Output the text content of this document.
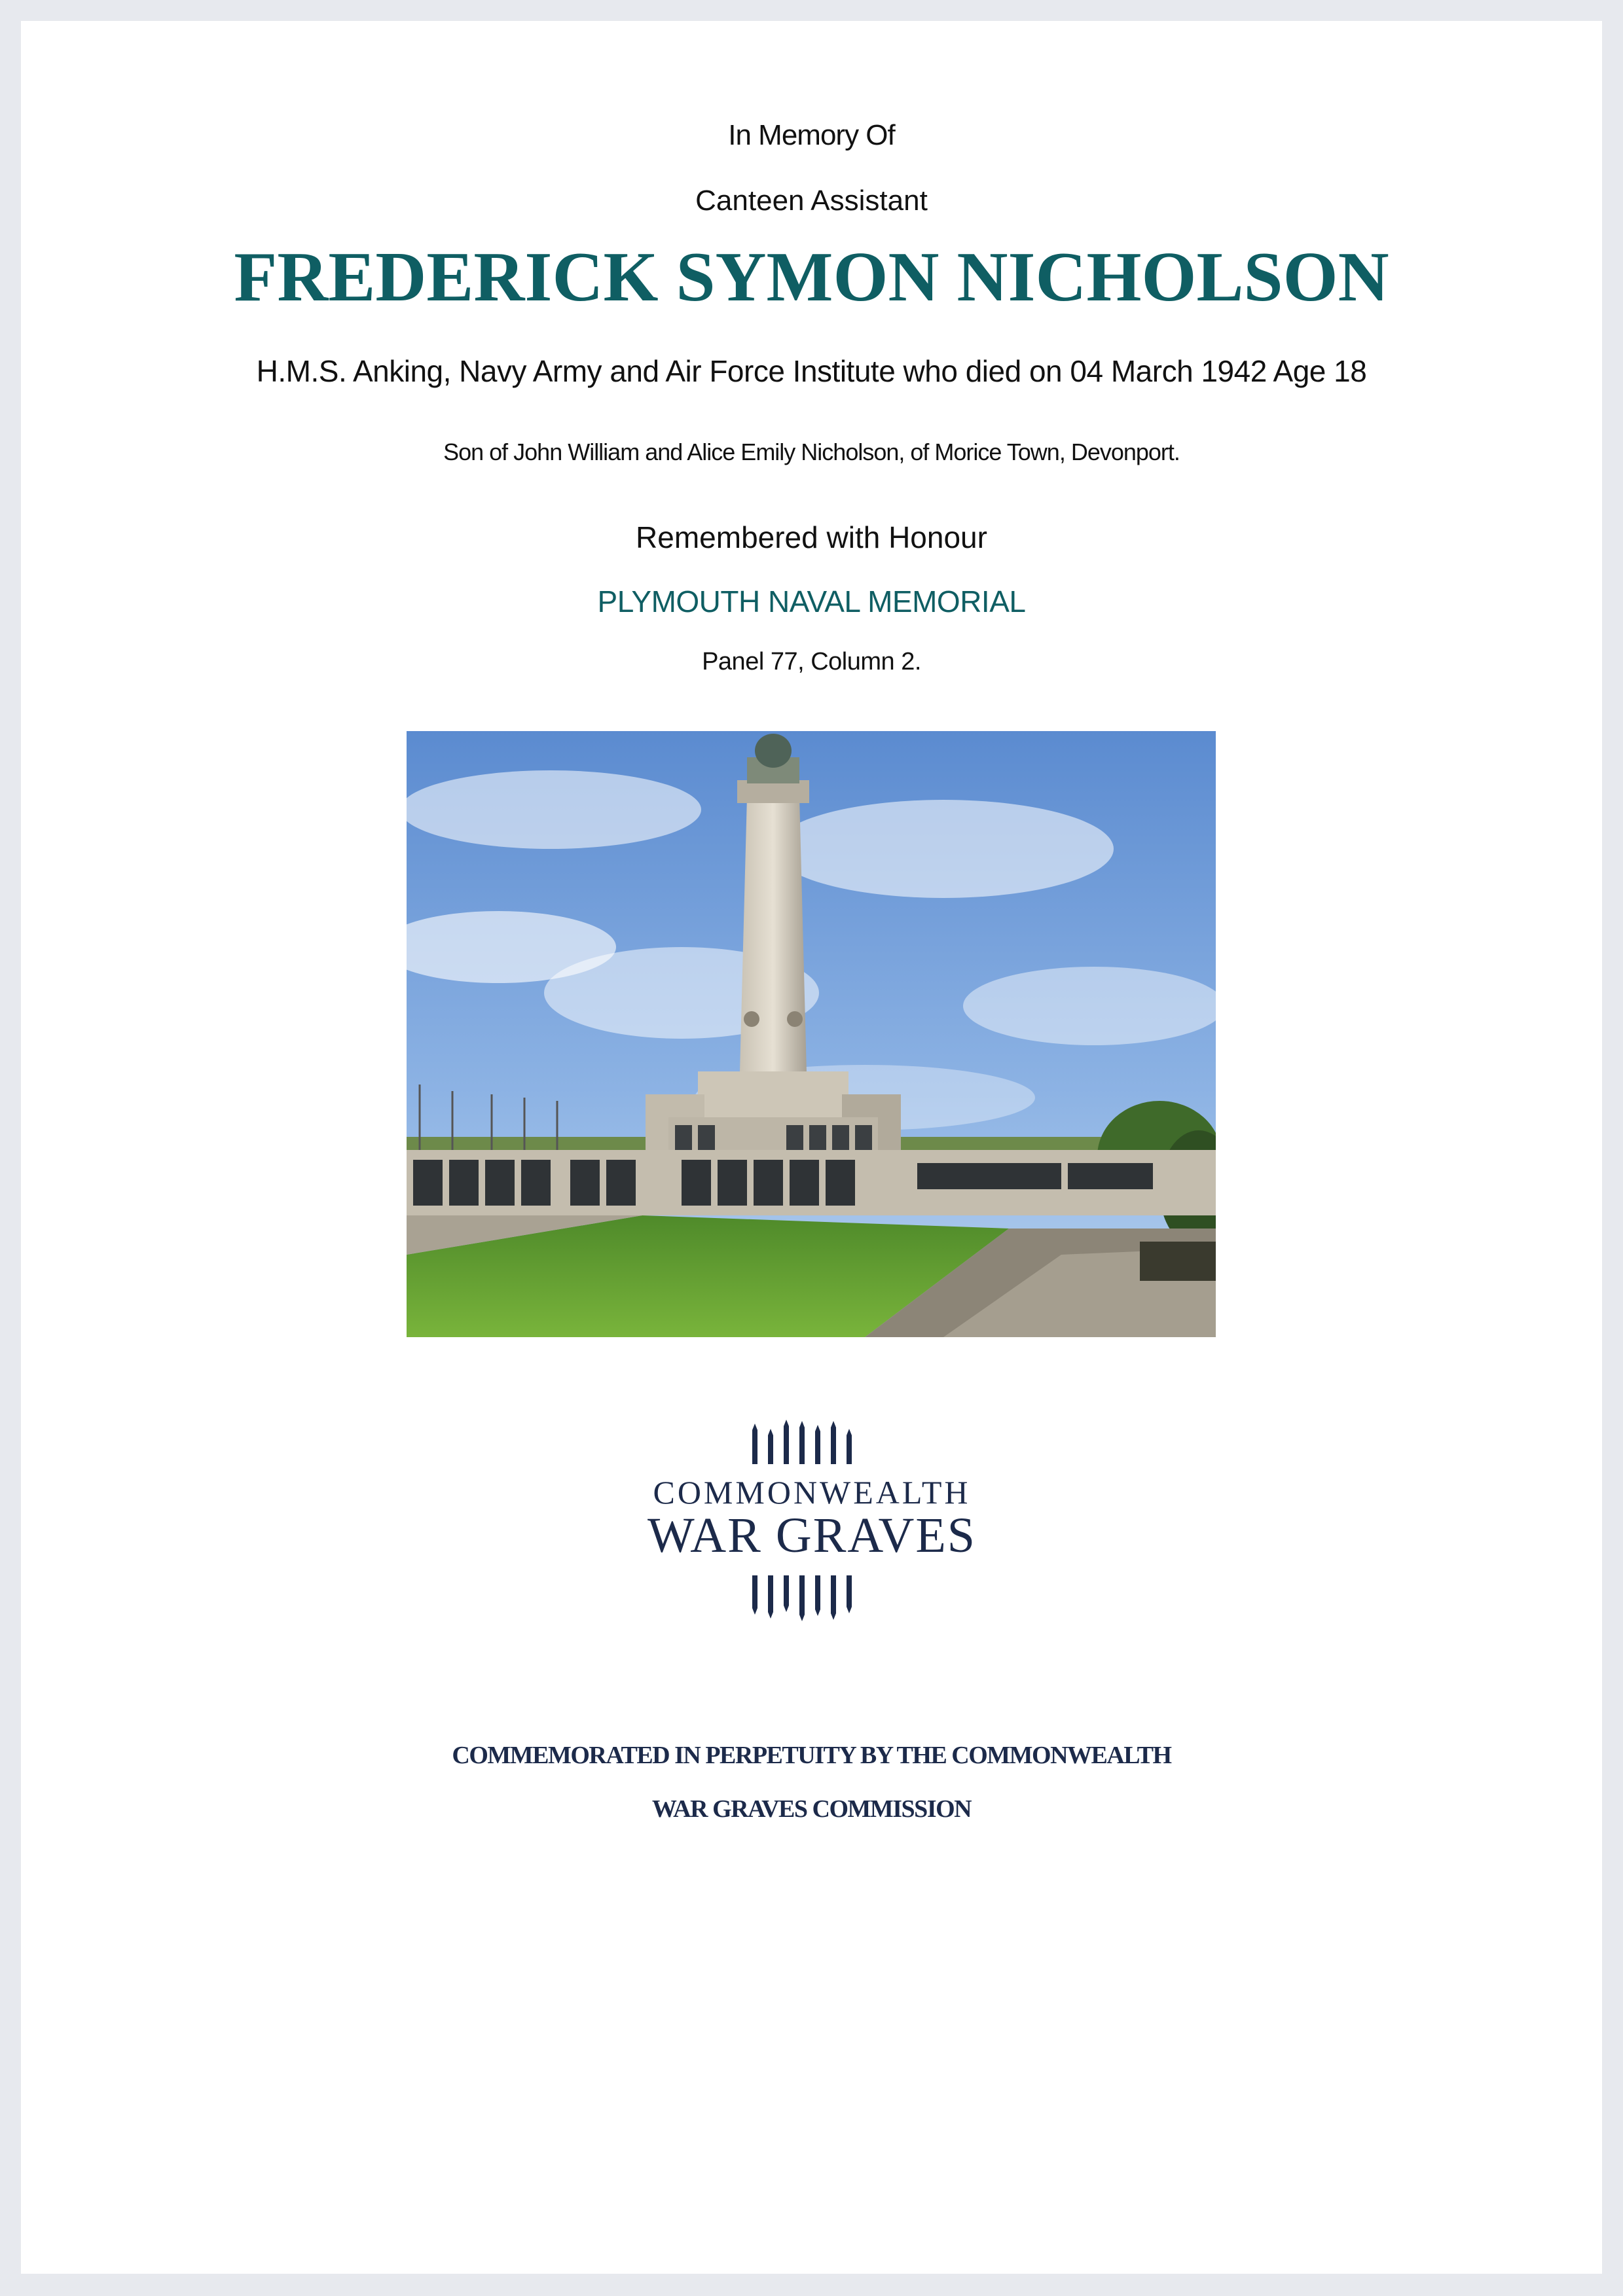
In Memory Of
Canteen Assistant
FREDERICK SYMON NICHOLSON
H.M.S. Anking, Navy Army and Air Force Institute who died on 04 March 1942 Age 18
Son of John William and Alice Emily Nicholson, of Morice Town, Devonport.
Remembered with Honour
PLYMOUTH NAVAL MEMORIAL
Panel 77, Column 2.
COMMONWEALTH
WAR GRAVES
COMMEMORATED IN PERPETUITY BY THE COMMONWEALTH
WAR GRAVES COMMISSION
